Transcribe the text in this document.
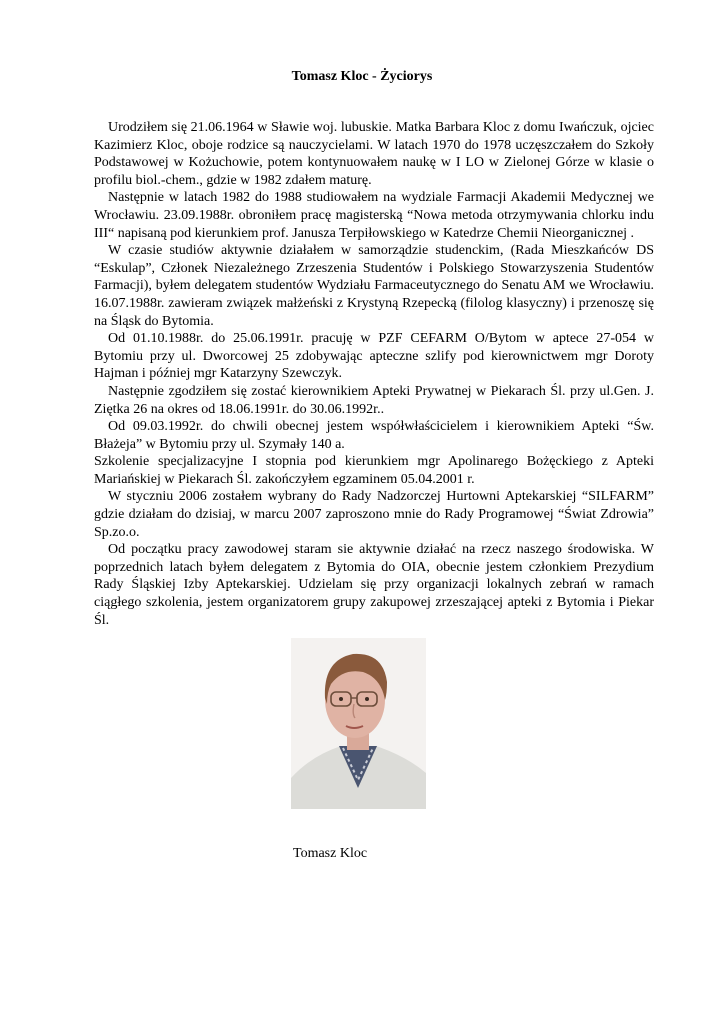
Tomasz Kloc - Życiorys

Urodziłem się 21.06.1964 w Sławie woj. lubuskie. Matka Barbara Kloc z domu Iwańczuk, ojciec Kazimierz Kloc, oboje rodzice są nauczycielami. W latach 1970 do 1978 uczęszczałem do Szkoły Podstawowej w Kożuchowie, potem kontynuowałem naukę w I LO w Zielonej Górze w klasie o profilu biol.-chem., gdzie w 1982 zdałem maturę.

Następnie w latach 1982 do 1988 studiowałem na wydziale Farmacji Akademii Medycznej we Wrocławiu. 23.09.1988r. obroniłem pracę magisterską “Nowa metoda otrzymywania chlorku indu III“ napisaną pod kierunkiem prof. Janusza Terpiłowskiego w Katedrze Chemii Nieorganicznej .

W czasie studiów aktywnie działałem w samorządzie studenckim, (Rada Mieszkańców DS “Eskulap”, Członek Niezależnego Zrzeszenia Studentów i Polskiego Stowarzyszenia Studentów Farmacji), byłem delegatem studentów Wydziału Farmaceutycznego do Senatu AM we Wrocławiu. 16.07.1988r. zawieram związek małżeński z Krystyną Rzepecką (filolog klasyczny) i przenoszę się na Śląsk do Bytomia.

Od 01.10.1988r. do 25.06.1991r. pracuję w PZF CEFARM O/Bytom w aptece 27-054 w Bytomiu przy ul. Dworcowej 25 zdobywając apteczne szlify pod kierownictwem mgr Doroty Hajman i później mgr Katarzyny Szewczyk.

Następnie zgodziłem się zostać kierownikiem Apteki Prywatnej w Piekarach Śl. przy ul.Gen. J. Ziętka 26 na okres od 18.06.1991r. do 30.06.1992r..

Od 09.03.1992r. do chwili obecnej jestem współwłaścicielem i kierownikiem Apteki “Św. Błażeja” w Bytomiu przy ul. Szymały 140 a.

Szkolenie specjalizacyjne I stopnia pod kierunkiem mgr Apolinarego Bożęckiego z Apteki Mariańskiej w Piekarach Śl. zakończyłem egzaminem 05.04.2001 r.

W styczniu 2006 zostałem wybrany do Rady Nadzorczej Hurtowni Aptekarskiej “SILFARM” gdzie działam do dzisiaj, w marcu 2007 zaproszono mnie do Rady Programowej “Świat Zdrowia” Sp.zo.o.

Od początku pracy zawodowej staram sie aktywnie działać na rzecz naszego środowiska. W poprzednich latach byłem delegatem z Bytomia do OIA, obecnie jestem członkiem Prezydium Rady Śląskiej Izby Aptekarskiej. Udzielam się przy organizacji lokalnych zebrań w ramach ciągłego szkolenia, jestem organizatorem grupy zakupowej zrzeszającej apteki z Bytomia i Piekar Śl.

Tomasz Kloc
